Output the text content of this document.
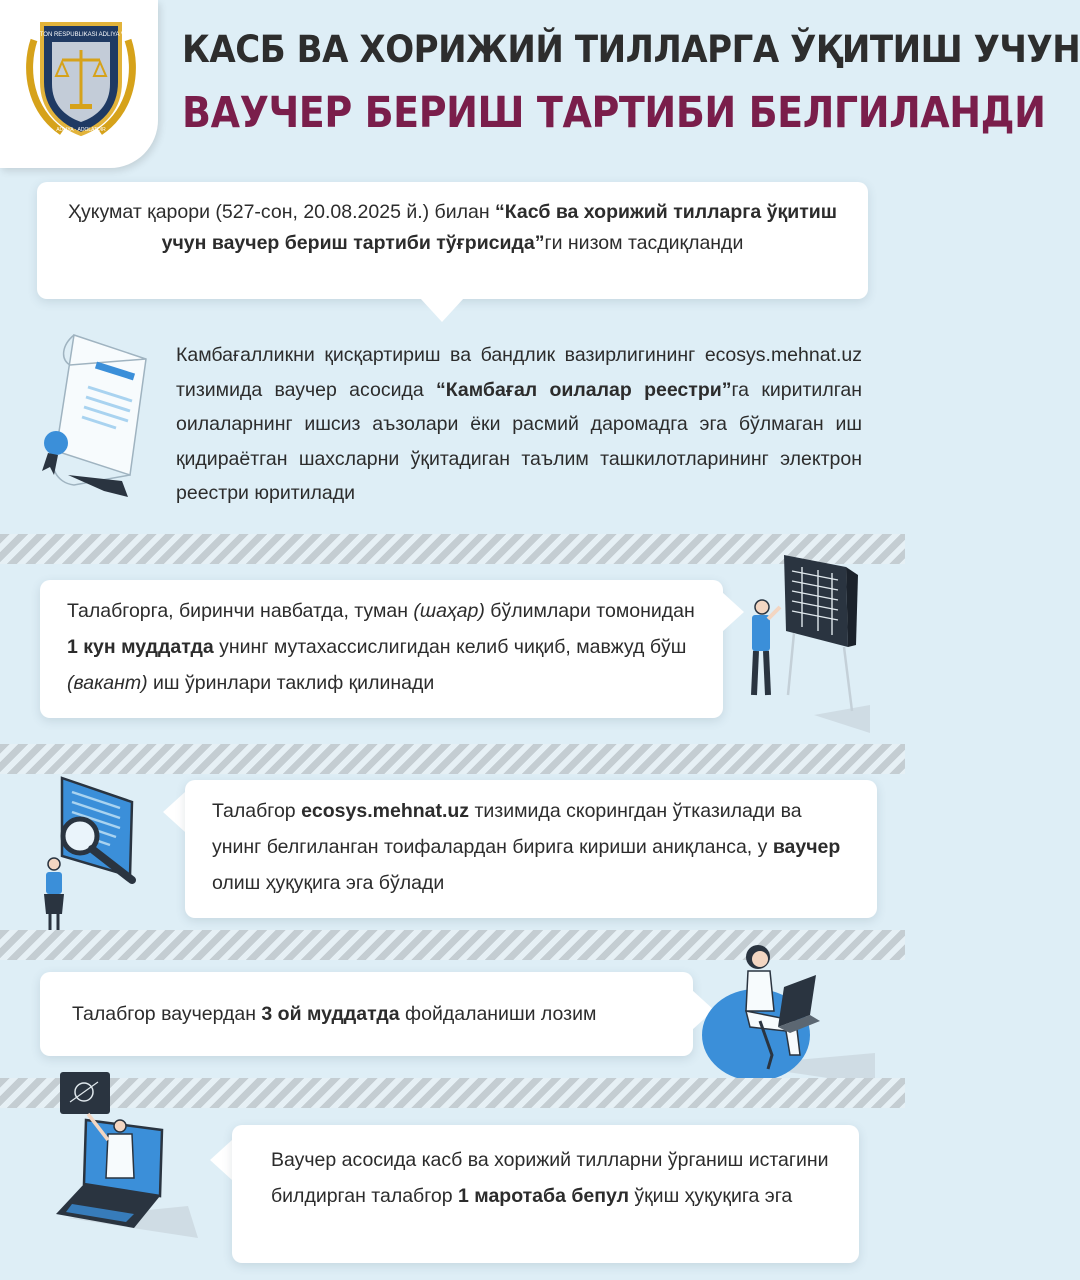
O'ZBEKISTON RESPUBLIKASI ADLIYA VAZIRLIGI
ADLIYA · ADOLATDIR
КАСБ ВА ХОРИЖИЙ ТИЛЛАРГА ЎҚИТИШ УЧУН
ВАУЧЕР БЕРИШ ТАРТИБИ БЕЛГИЛАНДИ
Ҳукумат қарори (527-сон, 20.08.2025 й.) билан “Касб ва хорижий тилларга ўқитиш учун ваучер бериш тартиби тўғрисида”ги низом тасдиқланди
Камбағалликни қисқартириш ва бандлик вазирлигининг ecosys.mehnat.uz тизимида ваучер асосида “Камбағал оилалар реестри”га киритилган оилаларнинг ишсиз аъзолари ёки расмий даромадга эга бўлмаган иш қидираётган шахсларни ўқитадиган таълим ташкилотларининг электрон реестри юритилади
Талабгорга, биринчи навбатда, туман (шаҳар) бўлимлари томонидан 1 кун муддатда унинг мутахассислигидан келиб чиқиб, мавжуд бўш (вакант) иш ўринлари таклиф қилинади
Талабгор ecosys.mehnat.uz тизимида скорингдан ўтказилади ва унинг белгиланган тоифалардан бирига кириши аниқланса, у ваучер олиш ҳуқуқига эга бўлади
Талабгор ваучердан 3 ой муддатда фойдаланиши лозим
Ваучер асосида касб ва хорижий тилларни ўрганиш истагини билдирган талабгор 1 маротаба бепул ўқиш ҳуқуқига эга
